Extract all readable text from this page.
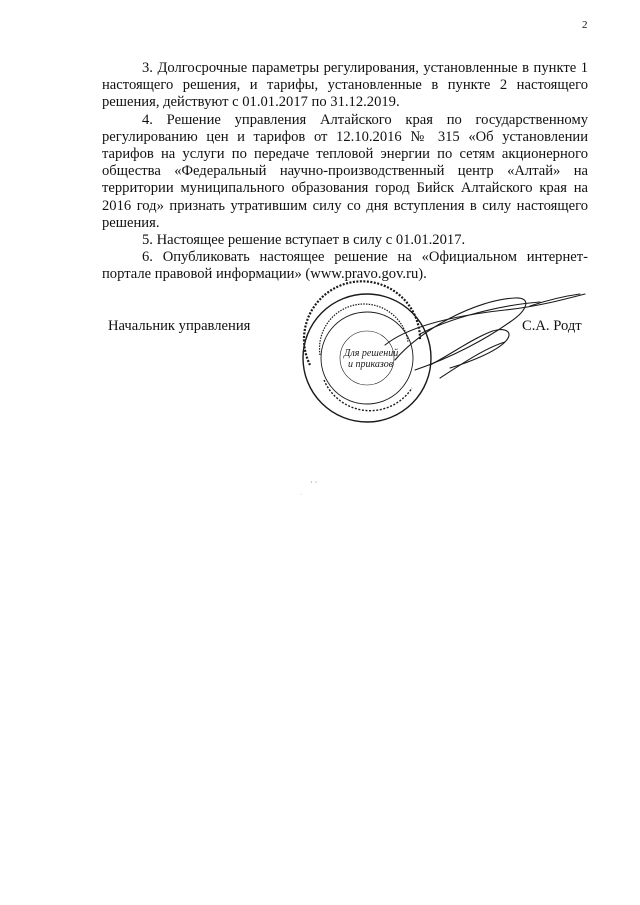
2

3. Долгосрочные параметры регулирования, установленные в пункте 1 настоящего решения, и тарифы, установленные в пункте 2 настоящего решения, действуют с 01.01.2017 по 31.12.2019.

4. Решение управления Алтайского края по государственному регулированию цен и тарифов от 12.10.2016 № 315 «Об установлении тарифов на услуги по передаче тепловой энергии по сетям акционерного общества «Федеральный научно-производственный центр «Алтай» на территории муниципального образования город Бийск Алтайского края на 2016 год» признать утратившим силу со дня вступления в силу настоящего решения.

5. Настоящее решение вступает в силу с 01.01.2017.

6. Опубликовать настоящее решение на «Официальном интернет-портале правовой информации» (www.pravo.gov.ru).

Начальник управления	С.А. Родт
Для решений
и приказов
· ·
·
